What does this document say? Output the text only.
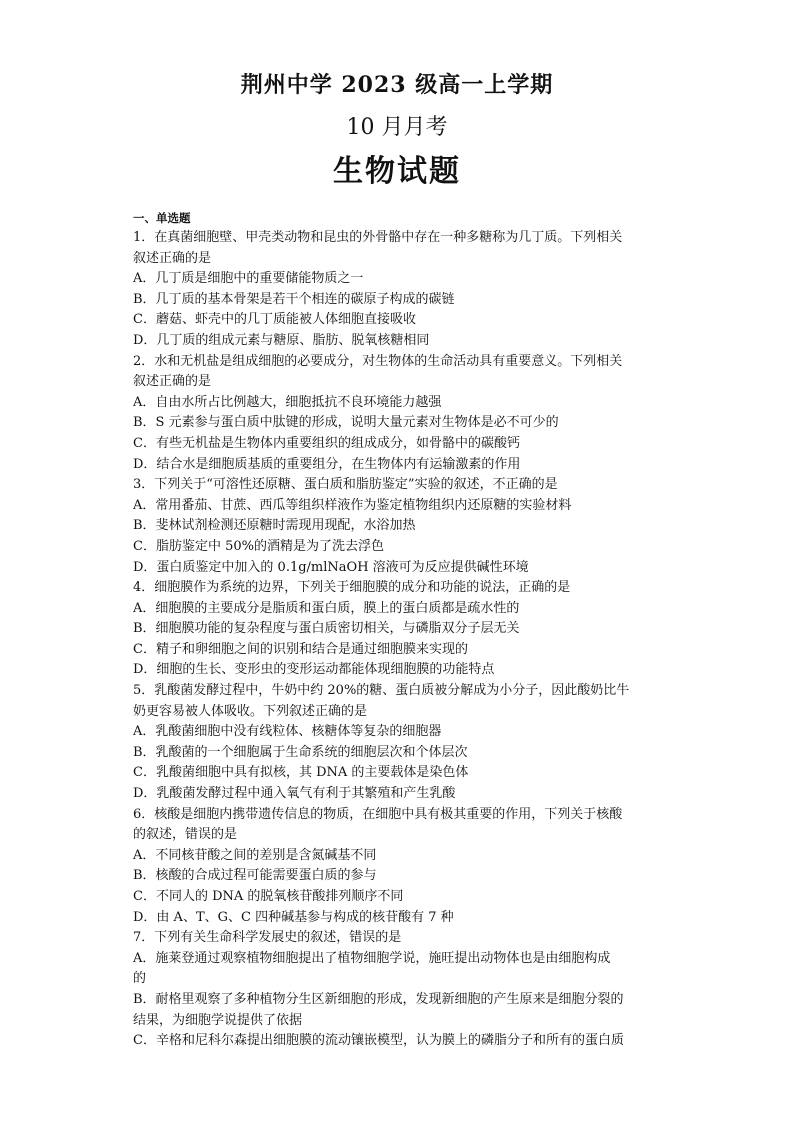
荆州中学 2023 级高一上学期
10 月月考
生物试题
一、单选题
1．在真菌细胞壁、甲壳类动物和昆虫的外骨骼中存在一种多糖称为几丁质。下列相关
叙述正确的是
A．几丁质是细胞中的重要储能物质之一
B．几丁质的基本骨架是若干个相连的碳原子构成的碳链
C．蘑菇、虾壳中的几丁质能被人体细胞直接吸收
D．几丁质的组成元素与糖原、脂肪、脱氧核糖相同
2．水和无机盐是组成细胞的必要成分，对生物体的生命活动具有重要意义。下列相关
叙述正确的是
A．自由水所占比例越大，细胞抵抗不良环境能力越强
B．S 元素参与蛋白质中肽键的形成，说明大量元素对生物体是必不可少的
C．有些无机盐是生物体内重要组织的组成成分，如骨骼中的碳酸钙
D．结合水是细胞质基质的重要组分，在生物体内有运输激素的作用
3．下列关于“可溶性还原糖、蛋白质和脂肪鉴定”实验的叙述，不正确的是
A．常用番茄、甘蔗、西瓜等组织样液作为鉴定植物组织内还原糖的实验材料
B．斐林试剂检测还原糖时需现用现配，水浴加热
C．脂肪鉴定中 50%的酒精是为了洗去浮色
D．蛋白质鉴定中加入的 0.1g/mlNaOH 溶液可为反应提供碱性环境
4．细胞膜作为系统的边界，下列关于细胞膜的成分和功能的说法，正确的是
A．细胞膜的主要成分是脂质和蛋白质，膜上的蛋白质都是疏水性的
B．细胞膜功能的复杂程度与蛋白质密切相关，与磷脂双分子层无关
C．精子和卵细胞之间的识别和结合是通过细胞膜来实现的
D．细胞的生长、变形虫的变形运动都能体现细胞膜的功能特点
5．乳酸菌发酵过程中，牛奶中约 20%的糖、蛋白质被分解成为小分子，因此酸奶比牛
奶更容易被人体吸收。下列叙述正确的是
A．乳酸菌细胞中没有线粒体、核糖体等复杂的细胞器
B．乳酸菌的一个细胞属于生命系统的细胞层次和个体层次
C．乳酸菌细胞中具有拟核，其 DNA 的主要载体是染色体
D．乳酸菌发酵过程中通入氧气有利于其繁殖和产生乳酸
6．核酸是细胞内携带遗传信息的物质，在细胞中具有极其重要的作用，下列关于核酸
的叙述，错误的是
A．不同核苷酸之间的差别是含氮碱基不同
B．核酸的合成过程可能需要蛋白质的参与
C．不同人的 DNA 的脱氧核苷酸排列顺序不同
D．由 A、T、G、C 四种碱基参与构成的核苷酸有 7 种
7．下列有关生命科学发展史的叙述，错误的是
A．施莱登通过观察植物细胞提出了植物细胞学说，施旺提出动物体也是由细胞构成
的
B．耐格里观察了多种植物分生区新细胞的形成，发现新细胞的产生原来是细胞分裂的
结果，为细胞学说提供了依据
C．辛格和尼科尔森提出细胞膜的流动镶嵌模型，认为膜上的磷脂分子和所有的蛋白质
